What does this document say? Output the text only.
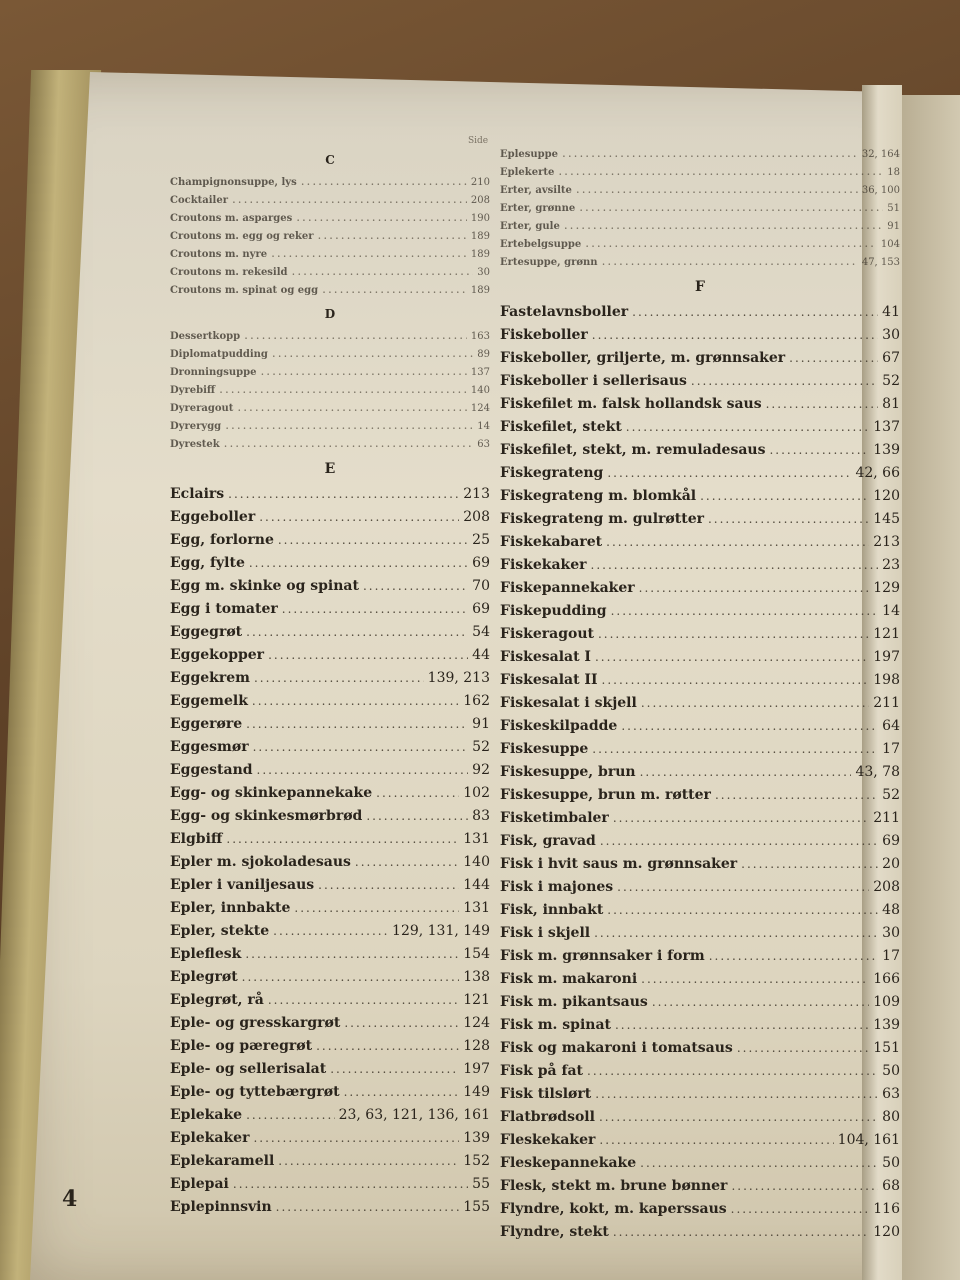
Side
C
Champignonsuppe, lys .....	210
Cocktailer .....	208
Croutons m. asparges .....	190
Croutons m. egg og reker .....	189
Croutons m. nyre .....	189
Croutons m. rekesild .....	30
Croutons m. spinat og egg .....	189
D
Dessertkopp .....	163
Diplomatpudding .....	89
Dronningsuppe .....	137
Dyrebiff .....	140
Dyreragout .....	124
Dyrerygg .....	14
Dyrestek .....	63
E
Eclairs .....	213
Eggeboller .....	208
Egg, forlorne .....	25
Egg, fylte .....	69
Egg m. skinke og spinat .....	70
Egg i tomater .....	69
Eggegrøt .....	54
Eggekopper .....	44
Eggekrem .....	139, 213
Eggemelk .....	162
Eggerøre .....	91
Eggesmør .....	52
Eggestand .....	92
Egg- og skinkepannekake .....	102
Egg- og skinkesmørbrød .....	83
Elgbiff .....	131
Epler m. sjokoladesaus .....	140
Epler i vaniljesaus .....	144
Epler, innbakte .....	131
Epler, stekte .....	129, 131, 149
Epleflesk .....	154
Eplegrøt .....	138
Eplegrøt, rå .....	121
Eple- og gresskargrøt .....	124
Eple- og pæregrøt .....	128
Eple- og sellerisalat .....	197
Eple- og tyttebærgrøt .....	149
Eplekake .....	23, 63, 121, 136, 161
Eplekaker .....	139
Eplekaramell .....	152
Eplepai .....	55
Eplepinnsvin .....	155
Eplesuppe .....	32, 164
Eplekerte .....	18
Erter, avsilte .....	36, 100
Erter, grønne .....	51
Erter, gule .....	91
Ertebelgsuppe .....	104
Ertesuppe, grønn .....	47, 153
F
Fastelavnsboller .....	41
Fiskeboller .....	30
Fiskeboller, griljerte, m. grønnsaker .....	67
Fiskeboller i sellerisaus .....	52
Fiskefilet m. falsk hollandsk saus .....	81
Fiskefilet, stekt .....	137
Fiskefilet, stekt, m. remuladesaus .....	139
Fiskegrateng .....	42, 66
Fiskegrateng m. blomkål .....	120
Fiskegrateng m. gulrøtter .....	145
Fiskekabaret .....	213
Fiskekaker .....	23
Fiskepannekaker .....	129
Fiskepudding .....	14
Fiskeragout .....	121
Fiskesalat I .....	197
Fiskesalat II .....	198
Fiskesalat i skjell .....	211
Fiskeskilpadde .....	64
Fiskesuppe .....	17
Fiskesuppe, brun .....	43, 78
Fiskesuppe, brun m. røtter .....	52
Fisketimbaler .....	211
Fisk, gravad .....	69
Fisk i hvit saus m. grønnsaker .....	20
Fisk i majones .....	208
Fisk, innbakt .....	48
Fisk i skjell .....	30
Fisk m. grønnsaker i form .....	17
Fisk m. makaroni .....	166
Fisk m. pikantsaus .....	109
Fisk m. spinat .....	139
Fisk og makaroni i tomatsaus .....	151
Fisk på fat .....	50
Fisk tilslørt .....	63
Flatbrødsoll .....	80
Fleskekaker .....	104, 161
Fleskepannekake .....	50
Flesk, stekt m. brune bønner .....	68
Flyndre, kokt, m. kaperssaus .....	116
Flyndre, stekt .....	120
4
